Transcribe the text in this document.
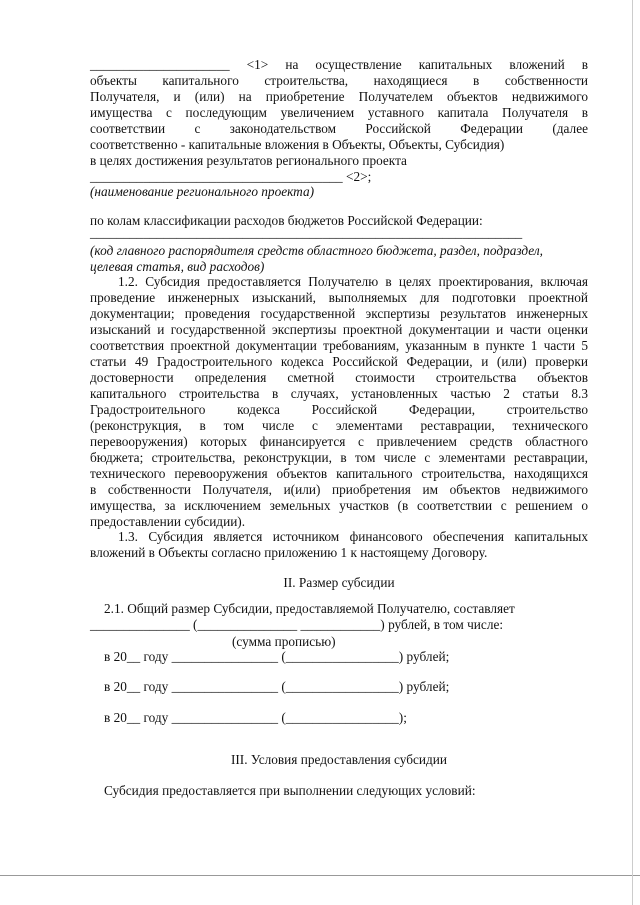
_____________________ <1> на осуществление капитальных вложений в
объекты капитального строительства, находящиеся в собственности
Получателя, и (или) на приобретение Получателем объектов недвижимого
имущества с последующим увеличением уставного капитала Получателя в
соответствии с законодательством Российской Федерации (далее
соответственно - капитальные вложения в Объекты, Объекты, Субсидия)
в целях достижения результатов регионального проекта
______________________________________ <2>;
(наименование регионального проекта)
по колам классификации расходов бюджетов Российской Федерации:
_________________________________________________________________
(код главного распорядителя средств областного бюджета, раздел, подраздел,
целевая статья, вид расходов)
1.2. Субсидия предоставляется Получателю в целях проектирования, включая
проведение инженерных изысканий, выполняемых для подготовки проектной
документации; проведения государственной экспертизы результатов инженерных
изысканий и государственной экспертизы проектной документации и части оценки
соответствия проектной документации требованиям, указанным в пункте 1 части 5
статьи 49 Градостроительного кодекса Российской Федерации, и (или) проверки
достоверности определения сметной стоимости строительства объектов
капитального строительства в случаях, установленных частью 2 статьи 8.3
Градостроительного кодекса Российской Федерации, строительство
(реконструкция, в том числе с элементами реставрации, технического
перевооружения) которых финансируется с привлечением средств областного
бюджета; строительства, реконструкции, в том числе с элементами реставрации,
технического перевооружения объектов капитального строительства, находящихся
в собственности Получателя, и(или) приобретения им объектов недвижимого
имущества, за исключением земельных участков (в соответствии с решением о
предоставлении субсидии).
1.3. Субсидия является источником финансового обеспечения капитальных
вложений в Объекты согласно приложению 1 к настоящему Договору.
II. Размер субсидии
2.1. Общий размер Субсидии, предоставляемой Получателю, составляет
_______________ (_______________ ____________) рублей, в том числе:
(сумма прописью)
в 20__ году ________________ (_________________) рублей;
в 20__ году ________________ (_________________) рублей;
в 20__ году ________________ (_________________);
III. Условия предоставления субсидии
Субсидия предоставляется при выполнении следующих условий:
